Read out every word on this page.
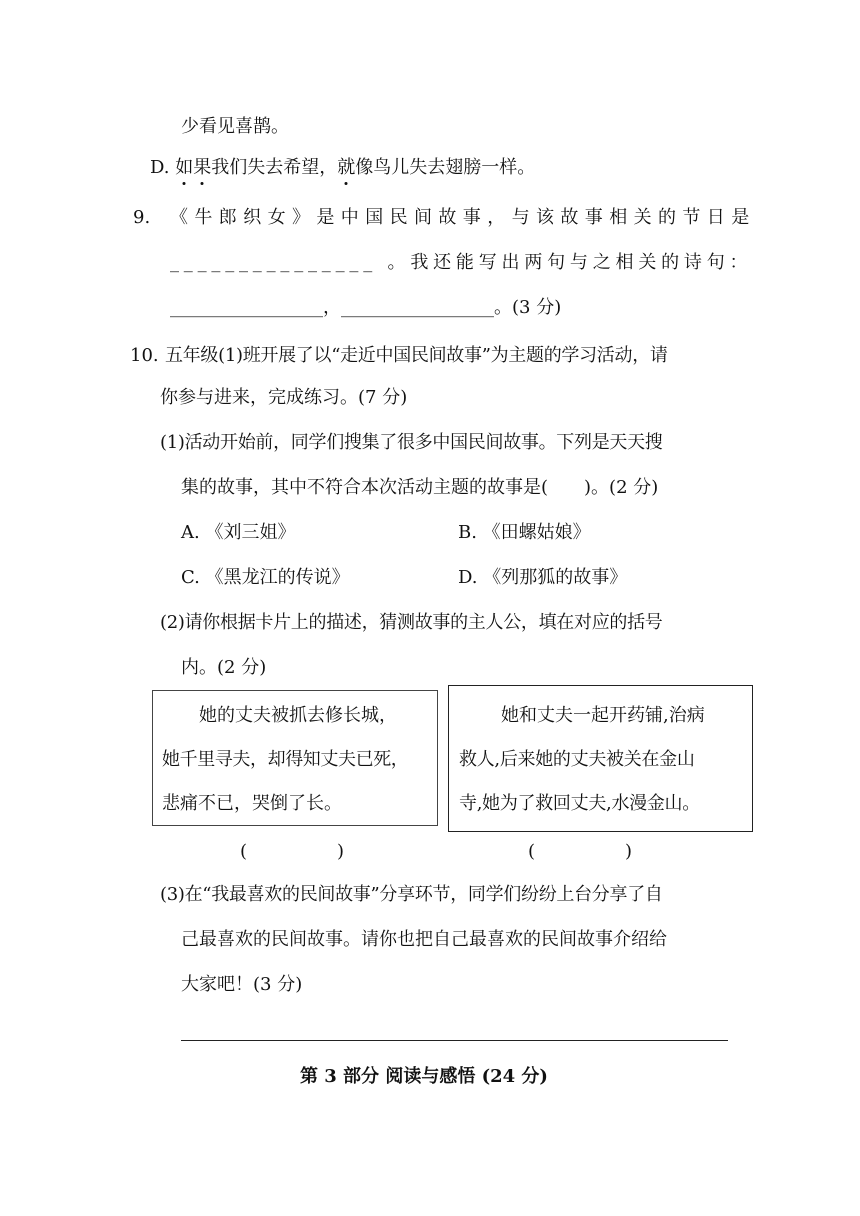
少看见喜鹊。
D. 如果我们失去希望，就像鸟儿失去翅膀一样。
9. 《牛郎织女》是中国民间故事，与该故事相关的节日是
_______________ 。我还能写出两句与之相关的诗句：
_________________，_________________。(3 分)
10. 五年级(1)班开展了以“走近中国民间故事”为主题的学习活动，请
你参与进来，完成练习。(7 分)
(1)活动开始前，同学们搜集了很多中国民间故事。下列是天天搜
集的故事，其中不符合本次活动主题的故事是(　　)。(2 分)
A. 《刘三姐》	B. 《田螺姑娘》
C. 《黑龙江的传说》	D. 《列那狐的故事》
(2)请你根据卡片上的描述，猜测故事的主人公，填在对应的括号
内。(2 分)

她的丈夫被抓去修长城，

她千里寻夫，却得知丈夫已死，

悲痛不已，哭倒了长。

她和丈夫一起开药铺,治病

救人,后来她的丈夫被关在金山

寺,她为了救回丈夫,水漫金山。

(　　　　　)	(　　　　　)
(3)在“我最喜欢的民间故事”分享环节，同学们纷纷上台分享了自
己最喜欢的民间故事。请你也把自己最喜欢的民间故事介绍给
大家吧！(3 分)
第 3 部分 阅读与感悟 (24 分)
